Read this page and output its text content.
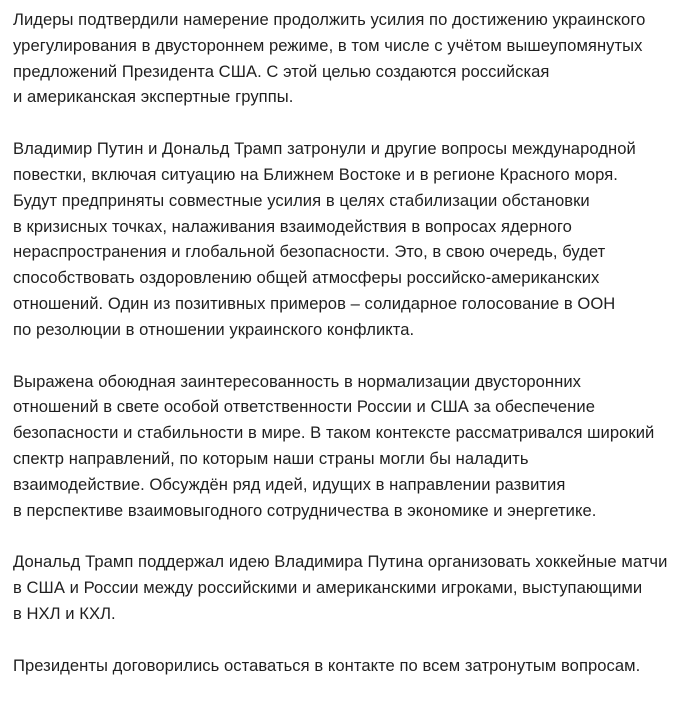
Лидеры подтвердили намерение продолжить усилия по достижению украинского
урегулирования в двустороннем режиме, в том числе с учётом вышеупомянутых
предложений Президента США. С этой целью создаются российская
и американская экспертные группы.

Владимир Путин и Дональд Трамп затронули и другие вопросы международной
повестки, включая ситуацию на Ближнем Востоке и в регионе Красного моря.
Будут предприняты совместные усилия в целях стабилизации обстановки
в кризисных точках, налаживания взаимодействия в вопросах ядерного
нераспространения и глобальной безопасности. Это, в свою очередь, будет
способствовать оздоровлению общей атмосферы российско-американских
отношений. Один из позитивных примеров – солидарное голосование в ООН
по резолюции в отношении украинского конфликта.

Выражена обоюдная заинтересованность в нормализации двусторонних
отношений в свете особой ответственности России и США за обеспечение
безопасности и стабильности в мире. В таком контексте рассматривался широкий
спектр направлений, по которым наши страны могли бы наладить
взаимодействие. Обсуждён ряд идей, идущих в направлении развития
в перспективе взаимовыгодного сотрудничества в экономике и энергетике.

Дональд Трамп поддержал идею Владимира Путина организовать хоккейные матчи
в США и России между российскими и американскими игроками, выступающими
в НХЛ и КХЛ.

Президенты договорились оставаться в контакте по всем затронутым вопросам.
